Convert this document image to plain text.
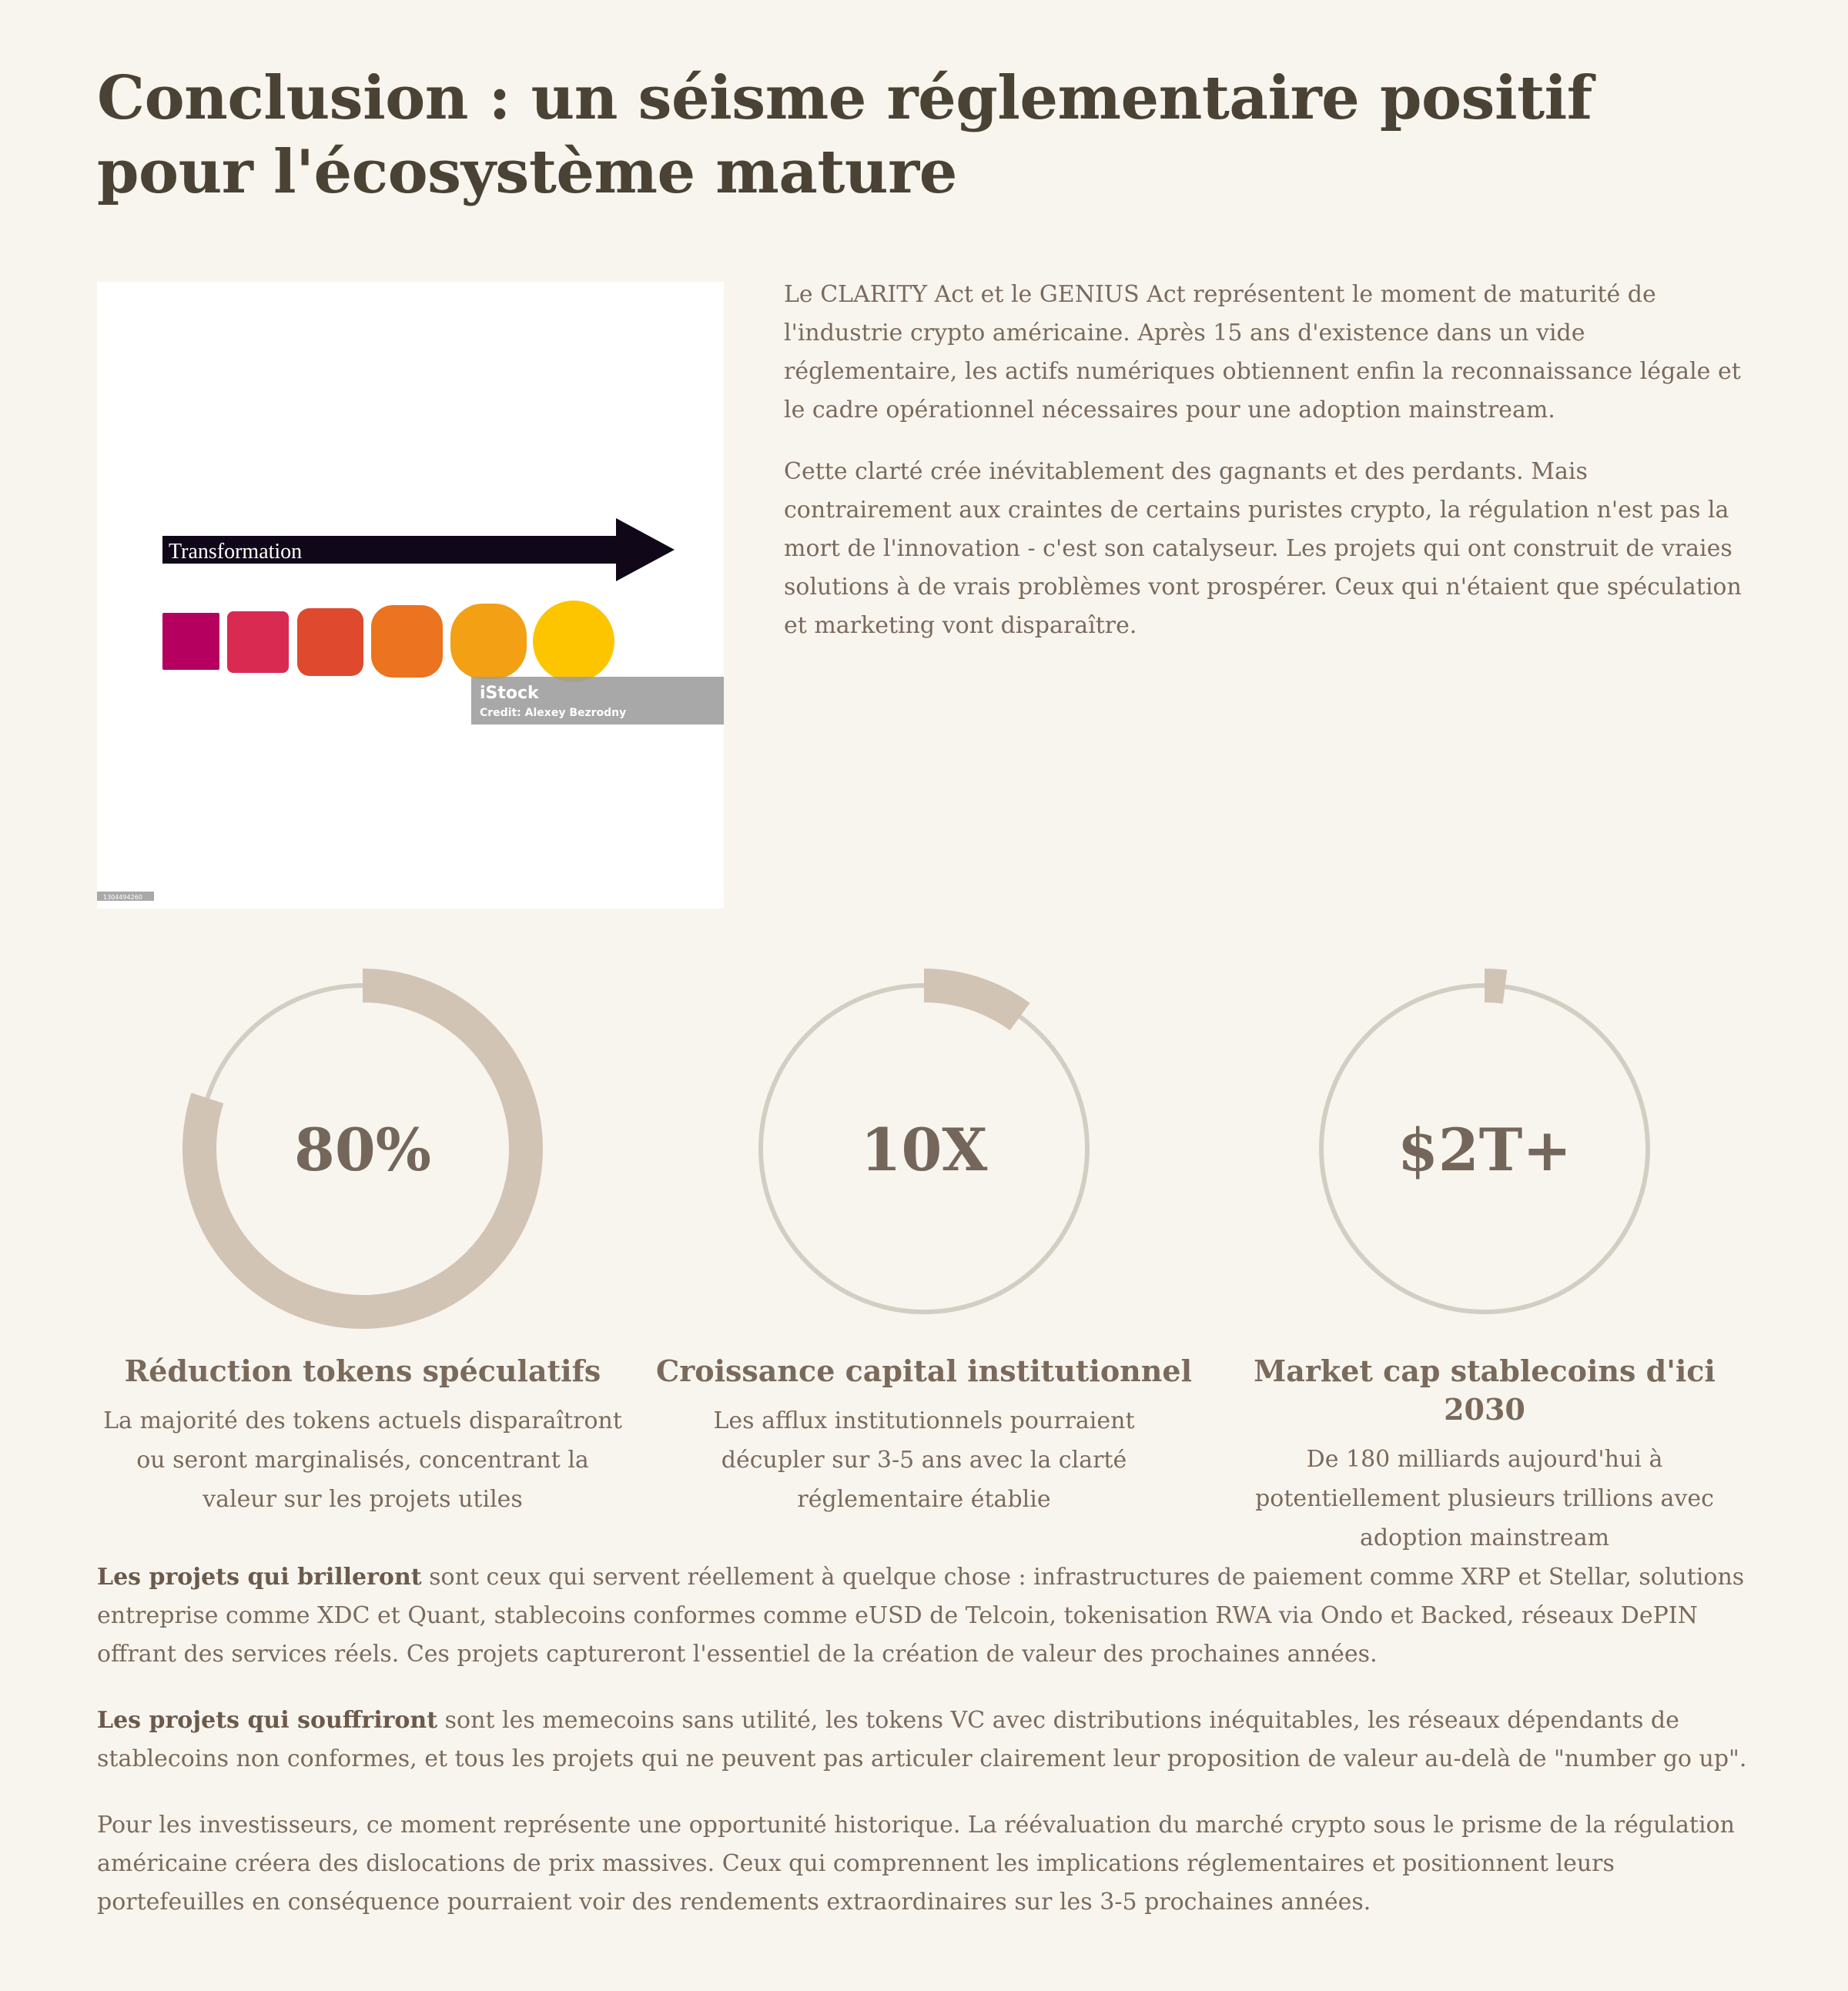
Conclusion : un séisme réglementaire positif pour l'écosystème mature
Transformation
iStock
Credit: Alexey Bezrodny
1304494260

Le CLARITY Act et le GENIUS Act représentent le moment de maturité de l'industrie crypto américaine. Après 15 ans d'existence dans un vide réglementaire, les actifs numériques obtiennent enfin la reconnaissance légale et le cadre opérationnel nécessaires pour une adoption mainstream.

Cette clarté crée inévitablement des gagnants et des perdants. Mais contrairement aux craintes de certains puristes crypto, la régulation n'est pas la mort de l'innovation - c'est son catalyseur. Les projets qui ont construit de vraies solutions à de vrais problèmes vont prospérer. Ceux qui n'étaient que spéculation et marketing vont disparaître.

80%
Réduction tokens spéculatifs
La majorité des tokens actuels disparaîtront ou seront marginalisés, concentrant la valeur sur les projets utiles
10X
Croissance capital institutionnel
Les afflux institutionnels pourraient décupler sur 3-5 ans avec la clarté réglementaire établie
$2T+
Market cap stablecoins d'ici 2030
De 180 milliards aujourd'hui à potentiellement plusieurs trillions avec adoption mainstream

Les projets qui brilleront sont ceux qui servent réellement à quelque chose : infrastructures de paiement comme XRP et Stellar, solutions entreprise comme XDC et Quant, stablecoins conformes comme eUSD de Telcoin, tokenisation RWA via Ondo et Backed, réseaux DePIN offrant des services réels. Ces projets captureront l'essentiel de la création de valeur des prochaines années.

Les projets qui souffriront sont les memecoins sans utilité, les tokens VC avec distributions inéquitables, les réseaux dépendants de stablecoins non conformes, et tous les projets qui ne peuvent pas articuler clairement leur proposition de valeur au-delà de "number go up".

Pour les investisseurs, ce moment représente une opportunité historique. La réévaluation du marché crypto sous le prisme de la régulation américaine créera des dislocations de prix massives. Ceux qui comprennent les implications réglementaires et positionnent leurs portefeuilles en conséquence pourraient voir des rendements extraordinaires sur les 3-5 prochaines années.
